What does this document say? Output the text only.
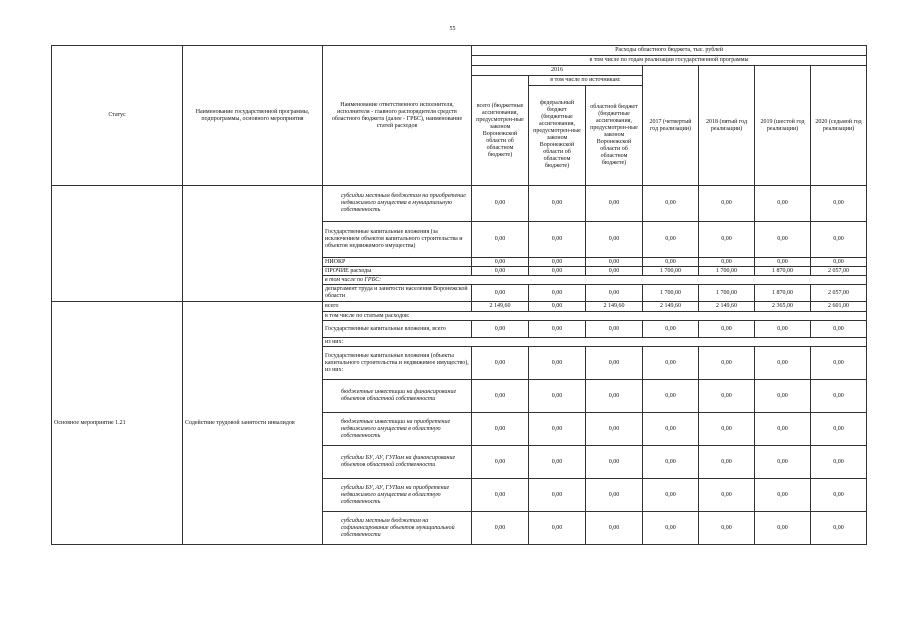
55
Статус	Наименование государственной программы, подпрограммы, основного мероприятия	Наименование ответственного исполнителя, исполнителя - главного распорядителя средств областного бюджета (далее - ГРБС), наименование статей расходов	Расходы областного бюджета, тыс. рублей
в том числе по годам реализации государственной программы
2016	2017 (четвертый год реализации)	2018 (пятый год реализации)	2019 (шестой год реализации)	2020 (седьмой год реализации)
всего (бюджетные ассигнования, предусмотрен-ные законом Воронежской области об областном бюджете)	
в том числе по источникам:
федеральный бюджет (бюджетные ассигнования, предусмотрен-ные законом Воронежской области об областном бюджете)	областной бюджет (бюджетные ассигнования, предусмотрен-ные законом Воронежской области об областном бюджете)

		субсидии местным бюджетам на приобретение недвижимого имущества в муниципальную собственность	0,00	0,00	0,00	0,00	0,00	0,00	0,00
Государственные капитальные вложения (за исключением объектов капитального строительства и объектов недвижимого имущества)	0,00	0,00	0,00	0,00	0,00	0,00	0,00
НИОКР	0,00	0,00	0,00	0,00	0,00	0,00	0,00
ПРОЧИЕ расходы	0,00	0,00	0,00	1 700,00	1 700,00	1 870,00	2 057,00
в том числе по ГРБС:
департамент труда и занятости населения Воронежской области	0,00	0,00	0,00	1 700,00	1 700,00	1 870,00	2 057,00
Основное мероприятие 1.21	Содействие трудовой занятости инвалидов	всего	2 149,60	0,00	2 149,60	2 149,60	2 149,60	2 365,00	2 601,00
в том числе по статьям расходов:
Государственные капитальные вложения, всего	0,00	0,00	0,00	0,00	0,00	0,00	0,00
из них:
Государственные капитальные вложения (объекты капитального строительства и недвижимое имущество), из них:	0,00	0,00	0,00	0,00	0,00	0,00	0,00
бюджетные инвестиции на финансирование объектов областной собственности	0,00	0,00	0,00	0,00	0,00	0,00	0,00
бюджетные инвестиции на приобретение недвижимого имущества в областную собственность	0,00	0,00	0,00	0,00	0,00	0,00	0,00
субсидии БУ, АУ, ГУПам на финансирование объектов областной собственности	0,00	0,00	0,00	0,00	0,00	0,00	0,00
субсидии БУ, АУ, ГУПам на приобретение недвижимого имущества в областную собственность	0,00	0,00	0,00	0,00	0,00	0,00	0,00
субсидии местным бюджетам на софинансирование объектов муниципальной собственности	0,00	0,00	0,00	0,00	0,00	0,00	0,00
